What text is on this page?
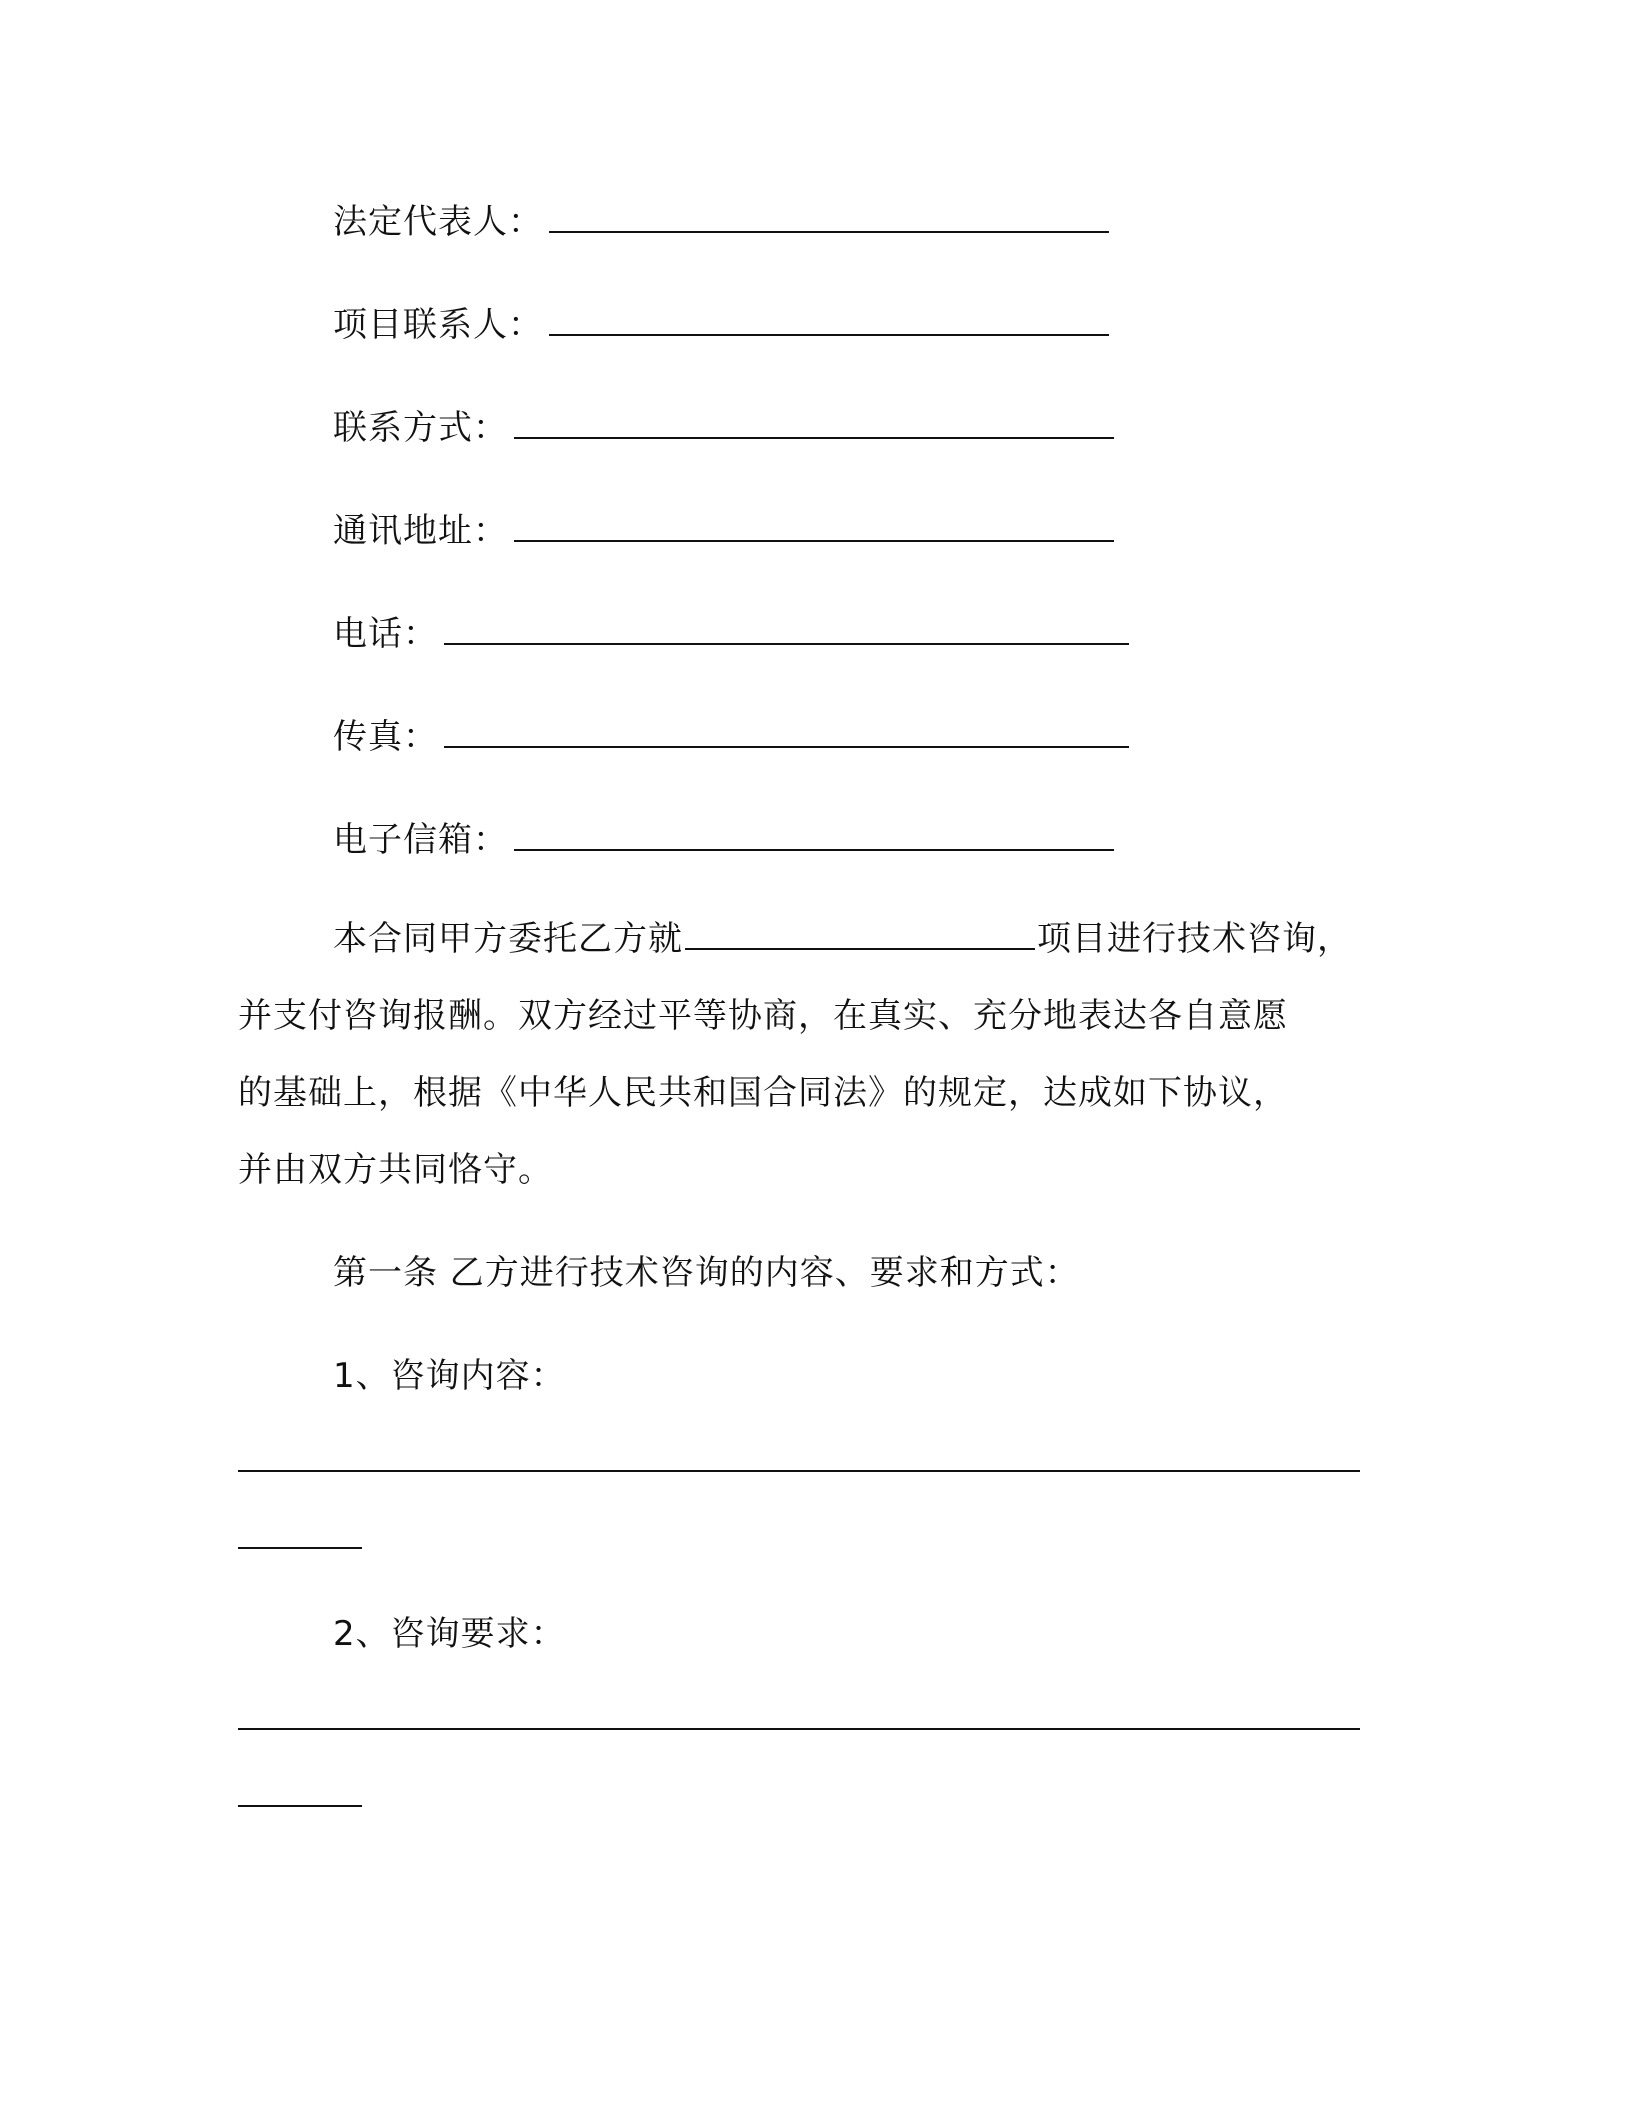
法定代表人：
项目联系人：
联系方式：
通讯地址：
电话：
传真：
电子信箱：
本合同甲方委托乙方就	项目进行技术咨询，
并支付咨询报酬。双方经过平等协商，在真实、充分地表达各自意愿
的基础上，根据《中华人民共和国合同法》的规定，达成如下协议，
并由双方共同恪守。
第一条 乙方进行技术咨询的内容、要求和方式：
1、咨询内容：
2、咨询要求：
